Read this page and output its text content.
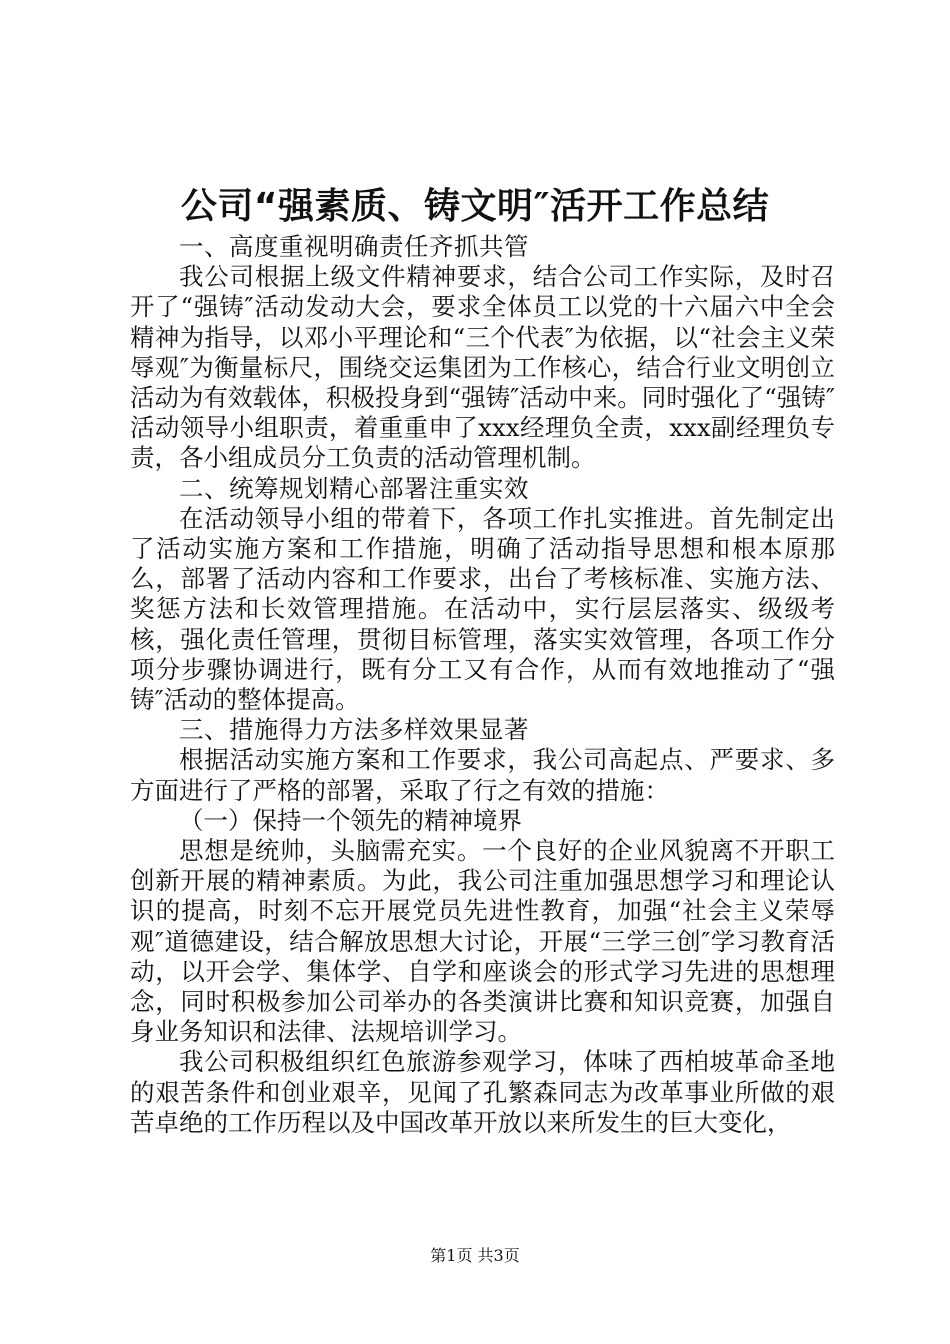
公司“强素质、铸文明″活开工作总结

一、高度重视明确责任齐抓共管

我公司根据上级文件精神要求，结合公司工作实际，及时召开了“强铸″活动发动大会，要求全体员工以党的十六届六中全会精神为指导，以邓小平理论和“三个代表″为依据，以“社会主义荣辱观″为衡量标尺，围绕交运集团为工作核心，结合行业文明创立活动为有效载体，积极投身到“强铸″活动中来。同时强化了“强铸″活动领导小组职责，着重重申了xxx经理负全责，xxx副经理负专责，各小组成员分工负责的活动管理机制。

二、统筹规划精心部署注重实效

在活动领导小组的带着下，各项工作扎实推进。首先制定出了活动实施方案和工作措施，明确了活动指导思想和根本原那么，部署了活动内容和工作要求，出台了考核标准、实施方法、奖惩方法和长效管理措施。在活动中，实行层层落实、级级考核，强化责任管理，贯彻目标管理，落实实效管理，各项工作分项分步骤协调进行，既有分工又有合作，从而有效地推动了“强铸″活动的整体提高。

三、措施得力方法多样效果显著

根据活动实施方案和工作要求，我公司高起点、严要求、多方面进行了严格的部署，采取了行之有效的措施：

（一）保持一个领先的精神境界

思想是统帅，头脑需充实。一个良好的企业风貌离不开职工创新开展的精神素质。为此，我公司注重加强思想学习和理论认识的提高，时刻不忘开展党员先进性教育，加强“社会主义荣辱观″道德建设，结合解放思想大讨论，开展“三学三创″学习教育活动，以开会学、集体学、自学和座谈会的形式学习先进的思想理念，同时积极参加公司举办的各类演讲比赛和知识竞赛，加强自身业务知识和法律、法规培训学习。

我公司积极组织红色旅游参观学习，体味了西柏坡革命圣地的艰苦条件和创业艰辛，见闻了孔繁森同志为改革事业所做的艰苦卓绝的工作历程以及中国改革开放以来所发生的巨大变化，

第1页 共3页
